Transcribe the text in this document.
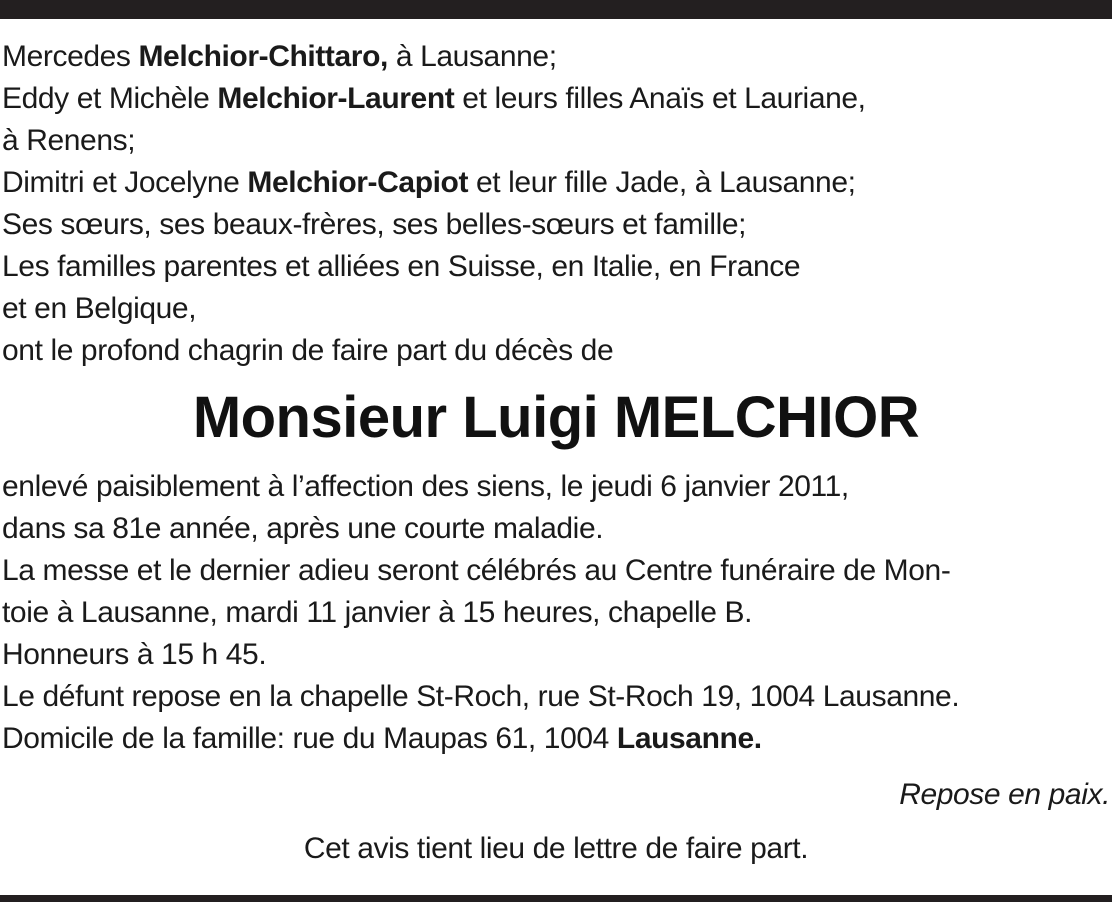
Mercedes Melchior-Chittaro, à Lausanne;
Eddy et Michèle Melchior-Laurent et leurs filles Anaïs et Lauriane,
à Renens;
Dimitri et Jocelyne Melchior-Capiot et leur fille Jade, à Lausanne;
Ses sœurs, ses beaux-frères, ses belles-sœurs et famille;
Les familles parentes et alliées en Suisse, en Italie, en France
et en Belgique,
ont le profond chagrin de faire part du décès de
Monsieur Luigi MELCHIOR
enlevé paisiblement à l’affection des siens, le jeudi 6 janvier 2011,
dans sa 81e année, après une courte maladie.
La messe et le dernier adieu seront célébrés au Centre funéraire de Mon-
toie à Lausanne, mardi 11 janvier à 15 heures, chapelle B.
Honneurs à 15 h 45.
Le défunt repose en la chapelle St-Roch, rue St-Roch 19, 1004 Lausanne.
Domicile de la famille: rue du Maupas 61, 1004 Lausanne.
Repose en paix.
Cet avis tient lieu de lettre de faire part.
